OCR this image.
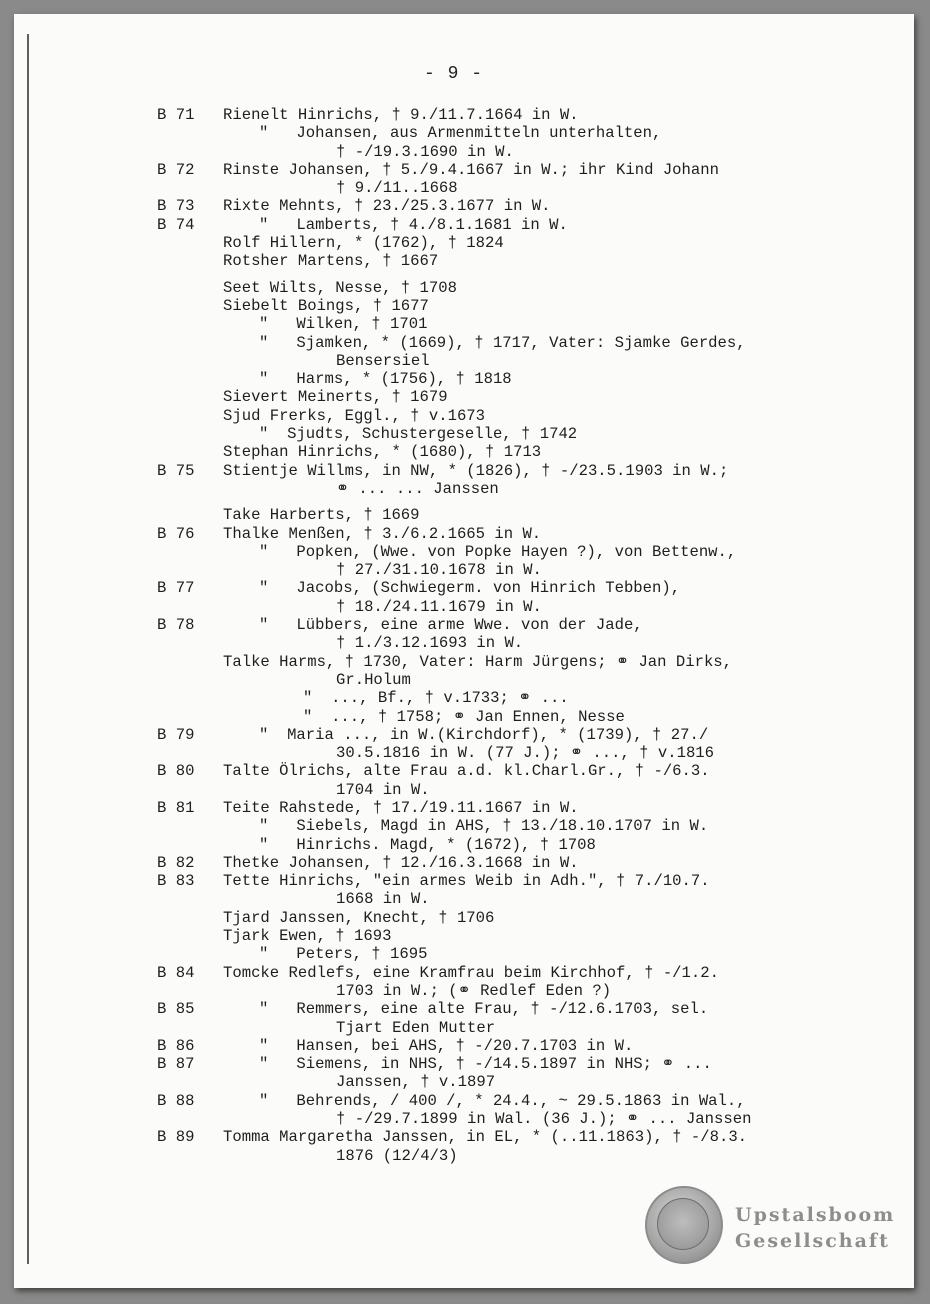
- 9 -
B 71 Rienelt Hinrichs, † 9./11.7.1664 in W.
"   Johansen, aus Armenmitteln unterhalten,
† -/19.3.1690 in W.
B 72 Rinste Johansen, † 5./9.4.1667 in W.; ihr Kind Johann
† 9./11..1668
B 73 Rixte Mehnts, † 23./25.3.1677 in W.
B 74	"   Lamberts, † 4./8.1.1681 in W.
Rolf Hillern, * (1762), † 1824
Rotsher Martens, † 1667
Seet Wilts, Nesse, † 1708
Siebelt Boings, † 1677
"   Wilken, † 1701
"   Sjamken, * (1669), † 1717, Vater: Sjamke Gerdes,
Bensersiel
"   Harms, * (1756), † 1818
Sievert Meinerts, † 1679
Sjud Frerks, Eggl., † v.1673
"  Sjudts, Schustergeselle, † 1742
Stephan Hinrichs, * (1680), † 1713
B 75 Stientje Willms, in NW, * (1826), † -/23.5.1903 in W.;
⚭ ... ... Janssen
Take Harberts, † 1669
B 76 Thalke Menßen, † 3./6.2.1665 in W.
"   Popken, (Wwe. von Popke Hayen ?), von Bettenw.,
† 27./31.10.1678 in W.
B 77	"   Jacobs, (Schwiegerm. von Hinrich Tebben),
† 18./24.11.1679 in W.
B 78	"   Lübbers, eine arme Wwe. von der Jade,
† 1./3.12.1693 in W.
Talke Harms, † 1730, Vater: Harm Jürgens; ⚭ Jan Dirks,
Gr.Holum
"  ..., Bf., † v.1733; ⚭ ...
"  ..., † 1758; ⚭ Jan Ennen, Nesse
B 79	"  Maria ..., in W.(Kirchdorf), * (1739), † 27./
30.5.1816 in W. (77 J.); ⚭ ..., † v.1816
B 80 Talte Ölrichs, alte Frau a.d. kl.Charl.Gr., † -/6.3.
1704 in W.
B 81 Teite Rahstede, † 17./19.11.1667 in W.
"   Siebels, Magd in AHS, † 13./18.10.1707 in W.
"   Hinrichs. Magd, * (1672), † 1708
B 82 Thetke Johansen, † 12./16.3.1668 in W.
B 83 Tette Hinrichs, "ein armes Weib in Adh.", † 7./10.7.
1668 in W.
Tjard Janssen, Knecht, † 1706
Tjark Ewen, † 1693
"   Peters, † 1695
B 84 Tomcke Redlefs, eine Kramfrau beim Kirchhof, † -/1.2.
1703 in W.; (⚭ Redlef Eden ?)
B 85	"   Remmers, eine alte Frau, † -/12.6.1703, sel.
Tjart Eden Mutter
B 86	"   Hansen, bei AHS, † -/20.7.1703 in W.
B 87	"   Siemens, in NHS, † -/14.5.1897 in NHS; ⚭ ...
Janssen, † v.1897
B 88	"   Behrends, / 400 /, * 24.4., ~ 29.5.1863 in Wal.,
† -/29.7.1899 in Wal. (36 J.); ⚭ ... Janssen
B 89 Tomma Margaretha Janssen, in EL, * (..11.1863), † -/8.3.
1876 (12/4/3)
Upstalsboom
Gesellschaft
